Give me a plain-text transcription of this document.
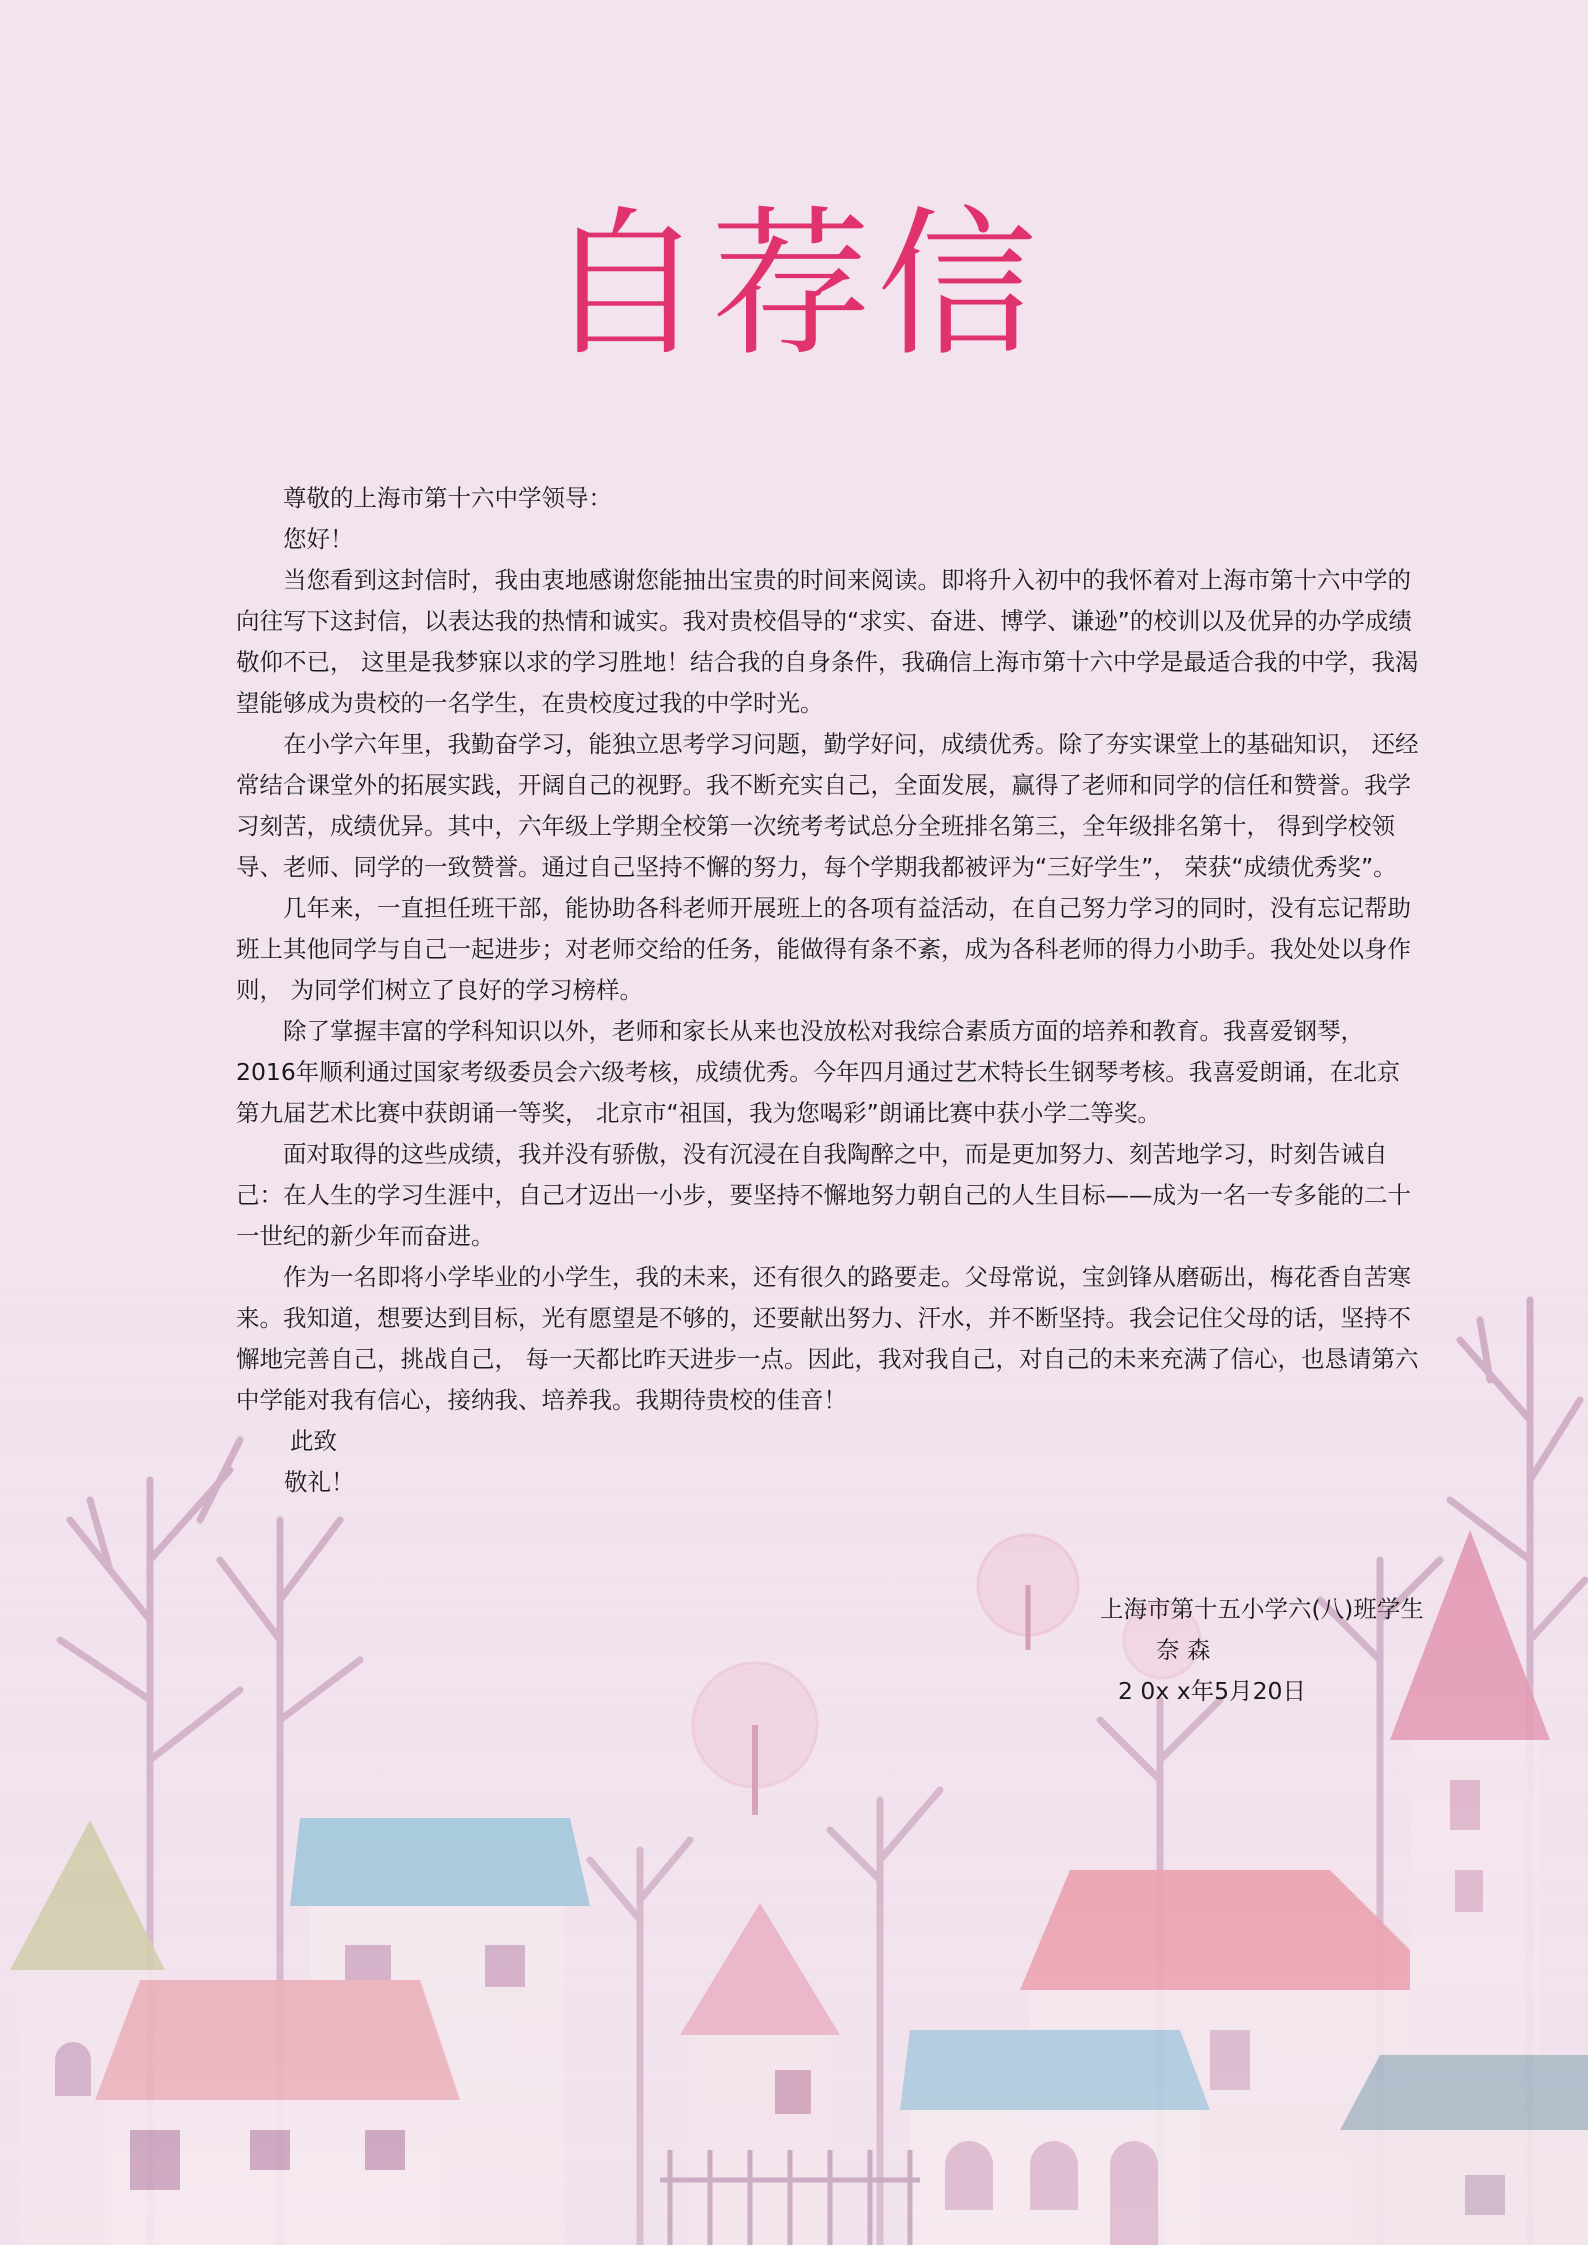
自荐信

尊敬的上海市第十六中学领导：

您好！

当您看到这封信时，我由衷地感谢您能抽出宝贵的时间来阅读。即将升入初中的我怀着对上海市第十六中学的向往写下这封信，以表达我的热情和诚实。我对贵校倡导的“求实、奋进、博学、谦逊”的校训以及优异的办学成绩敬仰不已， 这里是我梦寐以求的学习胜地！结合我的自身条件，我确信上海市第十六中学是最适合我的中学，我渴望能够成为贵校的一名学生，在贵校度过我的中学时光。

在小学六年里，我勤奋学习，能独立思考学习问题，勤学好问，成绩优秀。除了夯实课堂上的基础知识， 还经常结合课堂外的拓展实践，开阔自己的视野。我不断充实自己，全面发展，赢得了老师和同学的信任和赞誉。我学习刻苦，成绩优异。其中，六年级上学期全校第一次统考考试总分全班排名第三，全年级排名第十， 得到学校领导、老师、同学的一致赞誉。通过自己坚持不懈的努力，每个学期我都被评为“三好学生”， 荣获“成绩优秀奖”。

几年来，一直担任班干部，能协助各科老师开展班上的各项有益活动，在自己努力学习的同时，没有忘记帮助班上其他同学与自己一起进步；对老师交给的任务，能做得有条不紊，成为各科老师的得力小助手。我处处以身作则， 为同学们树立了良好的学习榜样。

除了掌握丰富的学科知识以外，老师和家长从来也没放松对我综合素质方面的培养和教育。我喜爱钢琴，2016年顺利通过国家考级委员会六级考核，成绩优秀。今年四月通过艺术特长生钢琴考核。我喜爱朗诵，在北京第九届艺术比赛中获朗诵一等奖， 北京市“祖国，我为您喝彩”朗诵比赛中获小学二等奖。

面对取得的这些成绩，我并没有骄傲，没有沉浸在自我陶醉之中，而是更加努力、刻苦地学习，时刻告诫自己：在人生的学习生涯中，自己才迈出一小步，要坚持不懈地努力朝自己的人生目标——成为一名一专多能的二十一世纪的新少年而奋进。

作为一名即将小学毕业的小学生，我的未来，还有很久的路要走。父母常说，宝剑锋从磨砺出，梅花香自苦寒来。我知道，想要达到目标，光有愿望是不够的，还要献出努力、汗水，并不断坚持。我会记住父母的话，坚持不懈地完善自己，挑战自己， 每一天都比昨天进步一点。因此，我对我自己，对自己的未来充满了信心，也恳请第六中学能对我有信心，接纳我、培养我。我期待贵校的佳音！

此致

敬礼！

上海市第十五小学六(八)班学生
奈 森
2 0x x年5月20日
